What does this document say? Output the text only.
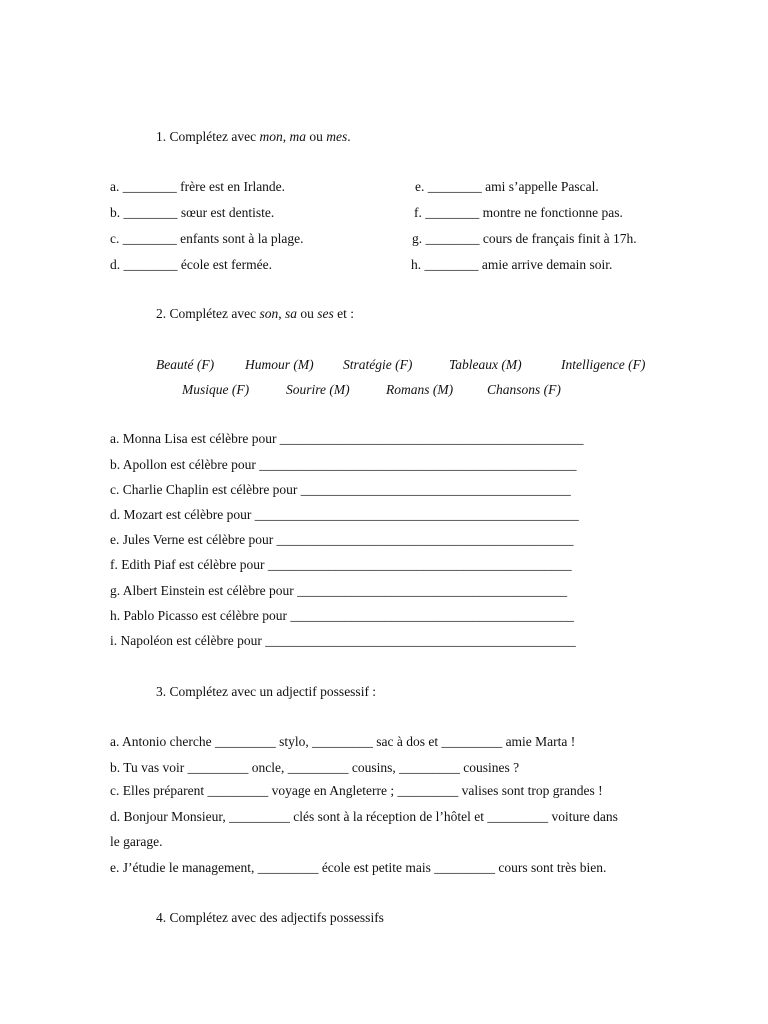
1. Complétez avec mon, ma ou mes.
a. ________ frère est en Irlande.
b. ________ sœur est dentiste.
c. ________ enfants sont à la plage.
d. ________ école est fermée.
e. ________ ami s’appelle Pascal.
f. ________ montre ne fonctionne pas.
g. ________ cours de français finit à 17h.
h. ________ amie arrive demain soir.
2. Complétez avec son, sa ou ses et :
Beauté (F) Humour (M) Stratégie (F)	Tableaux (M)	Intelligence (F)
Musique (F)	Sourire (M)	Romans (M)	Chansons (F)
a. Monna Lisa est célèbre pour _____________________________________________
b. Apollon est célèbre pour _______________________________________________
c. Charlie Chaplin est célèbre pour ________________________________________
d. Mozart est célèbre pour ________________________________________________
e. Jules Verne est célèbre pour ____________________________________________
f. Edith Piaf est célèbre pour _____________________________________________
g. Albert Einstein est célèbre pour ________________________________________
h. Pablo Picasso est célèbre pour __________________________________________
i. Napoléon est célèbre pour ______________________________________________
3. Complétez avec un adjectif possessif :
a. Antonio cherche _________ stylo, _________ sac à dos et _________ amie Marta !
b. Tu vas voir _________ oncle, _________ cousins, _________ cousines ?
c. Elles préparent _________ voyage en Angleterre ; _________ valises sont trop grandes !
d. Bonjour Monsieur, _________ clés sont à la réception de l’hôtel et _________ voiture dans
le garage.
e. J’étudie le management, _________ école est petite mais _________ cours sont très bien.
4. Complétez avec des adjectifs possessifs
